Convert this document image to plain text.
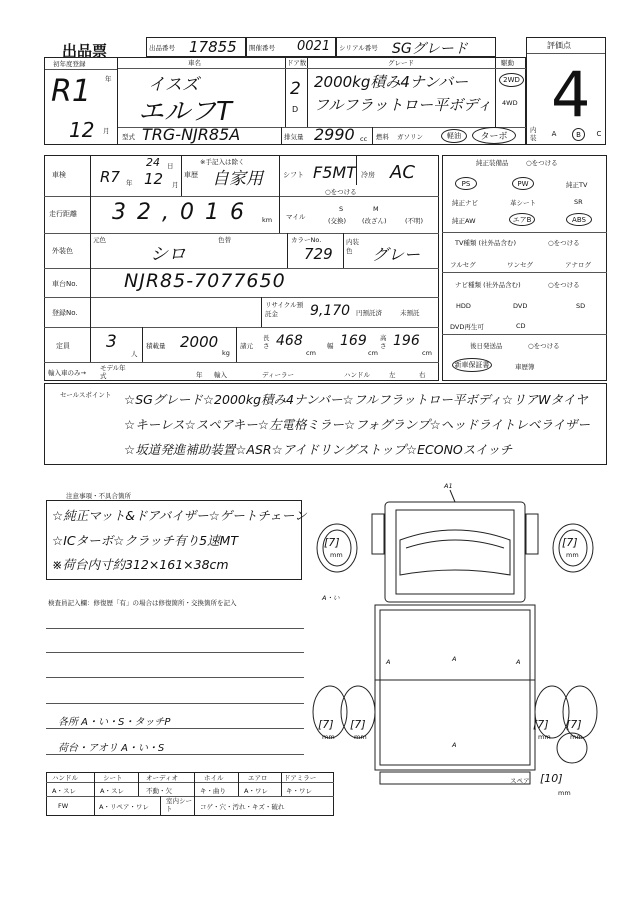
出品票	出品番号 17855 開催番号 0021 シリアル番号 SGグレード	評価点
4
初年度登録
R1 年
12 月
車名
イスズ
エルフT
ドア数
2
D
グレード
2000kg積み4ナンバー
フルフラットロー平ボディ
駆動
2WD
4WD
型式 TRG-NJR85A	排気量 2990 cc 燃料 ガソリン	軽油	ターボ
内装	A	B	C
車検 R7 年
24 日
12 月
※手記入は除く
車歴 自家用	シフト F5MT
○をつける
冷房 AC
走行距離 3 2 , 0 1 6 km マイル
S
(交換)
M
(改ざん)	(不明)
外装色
元色	色替
シロ
カラーNo.
729
内装色	グレー
車台No. NJR85-7077650
登録No.
リサイクル預託金	9,170 円預託済	未預託
定員 3
人
積載量 2000
kg
諸元
長さ 468
cm
幅 169
cm
高さ 196
cm
輸入車のみ→
モデル年式	年 輸入	ディーラー	ハンドル	左	右
純正装備品	○をつける
PS	PW	純正TV
純正ナビ	革シート	SR
純正AW	エアB	ABS
TV種類 (社外品含む)	○をつける
フルセグ	ワンセグ	アナログ
ナビ種類 (社外品含む)	○をつける
HDD	DVD	SD
DVD再生可	CD
後日発送品	○をつける
新車保証書	車歴簿
セールスポイント ☆SGグレード☆2000kg積み4ナンバー☆フルフラットロー平ボディ☆リアWタイヤ
☆キーレス☆スペアキー☆左電格ミラー☆フォグランプ☆ヘッドライトレベライザー
☆坂道発進補助装置☆ASR☆アイドリングストップ☆ECONOスイッチ
注意事項・不具合箇所
☆純正マット&ドアバイザー☆ゲートチェーン
☆ICターボ☆クラッチ有り5速MT
※荷台内寸約312×161×38cm
検査員記入欄：修復歴「有」の場合は修復箇所・交換箇所を記入
各所 A・い・S・タッチP
荷台・アオリ A・い・S
ハンドル	シート	オーディオ	ホイル	エアロ	ドアミラー
A・スレ	A・スレ	不動・欠	キ・曲り	A・ワレ	キ・ワレ
FW	A・リペア・ワレ
室内シート	コゲ・穴・汚れ・キズ・破れ
A1
A・い
A
A	A
A
[7]
mm
[7]
mm
[7]
mm
[7]
mm
[7]
mm
[7]
mm
スペア [10]
mm
